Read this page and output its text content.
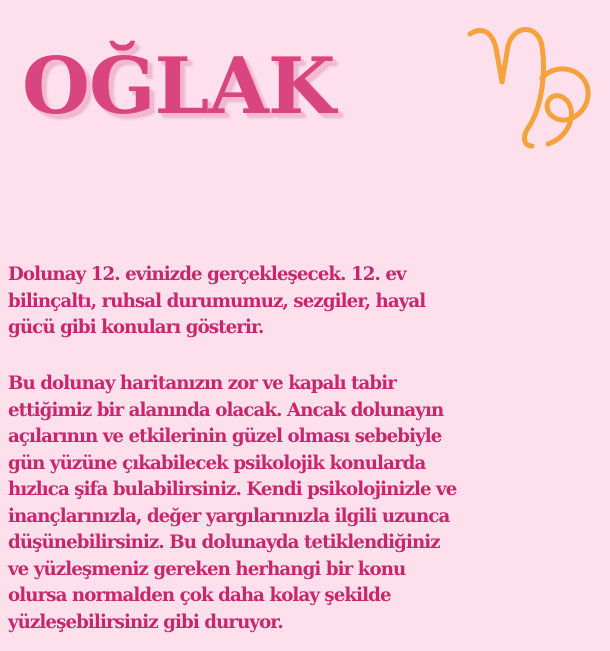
OĞLAK

Dolunay 12. evinizde gerçekleşecek. 12. ev
bilinçaltı, ruhsal durumumuz, sezgiler, hayal
gücü gibi konuları gösterir.

Bu dolunay haritanızın zor ve kapalı tabir
ettiğimiz bir alanında olacak. Ancak dolunayın
açılarının ve etkilerinin güzel olması sebebiyle
gün yüzüne çıkabilecek psikolojik konularda
hızlıca şifa bulabilirsiniz. Kendi psikolojinizle ve
inançlarınızla, değer yargılarınızla ilgili uzunca
düşünebilirsiniz. Bu dolunayda tetiklendiğiniz
ve yüzleşmeniz gereken herhangi bir konu
olursa normalden çok daha kolay şekilde
yüzleşebilirsiniz gibi duruyor.
